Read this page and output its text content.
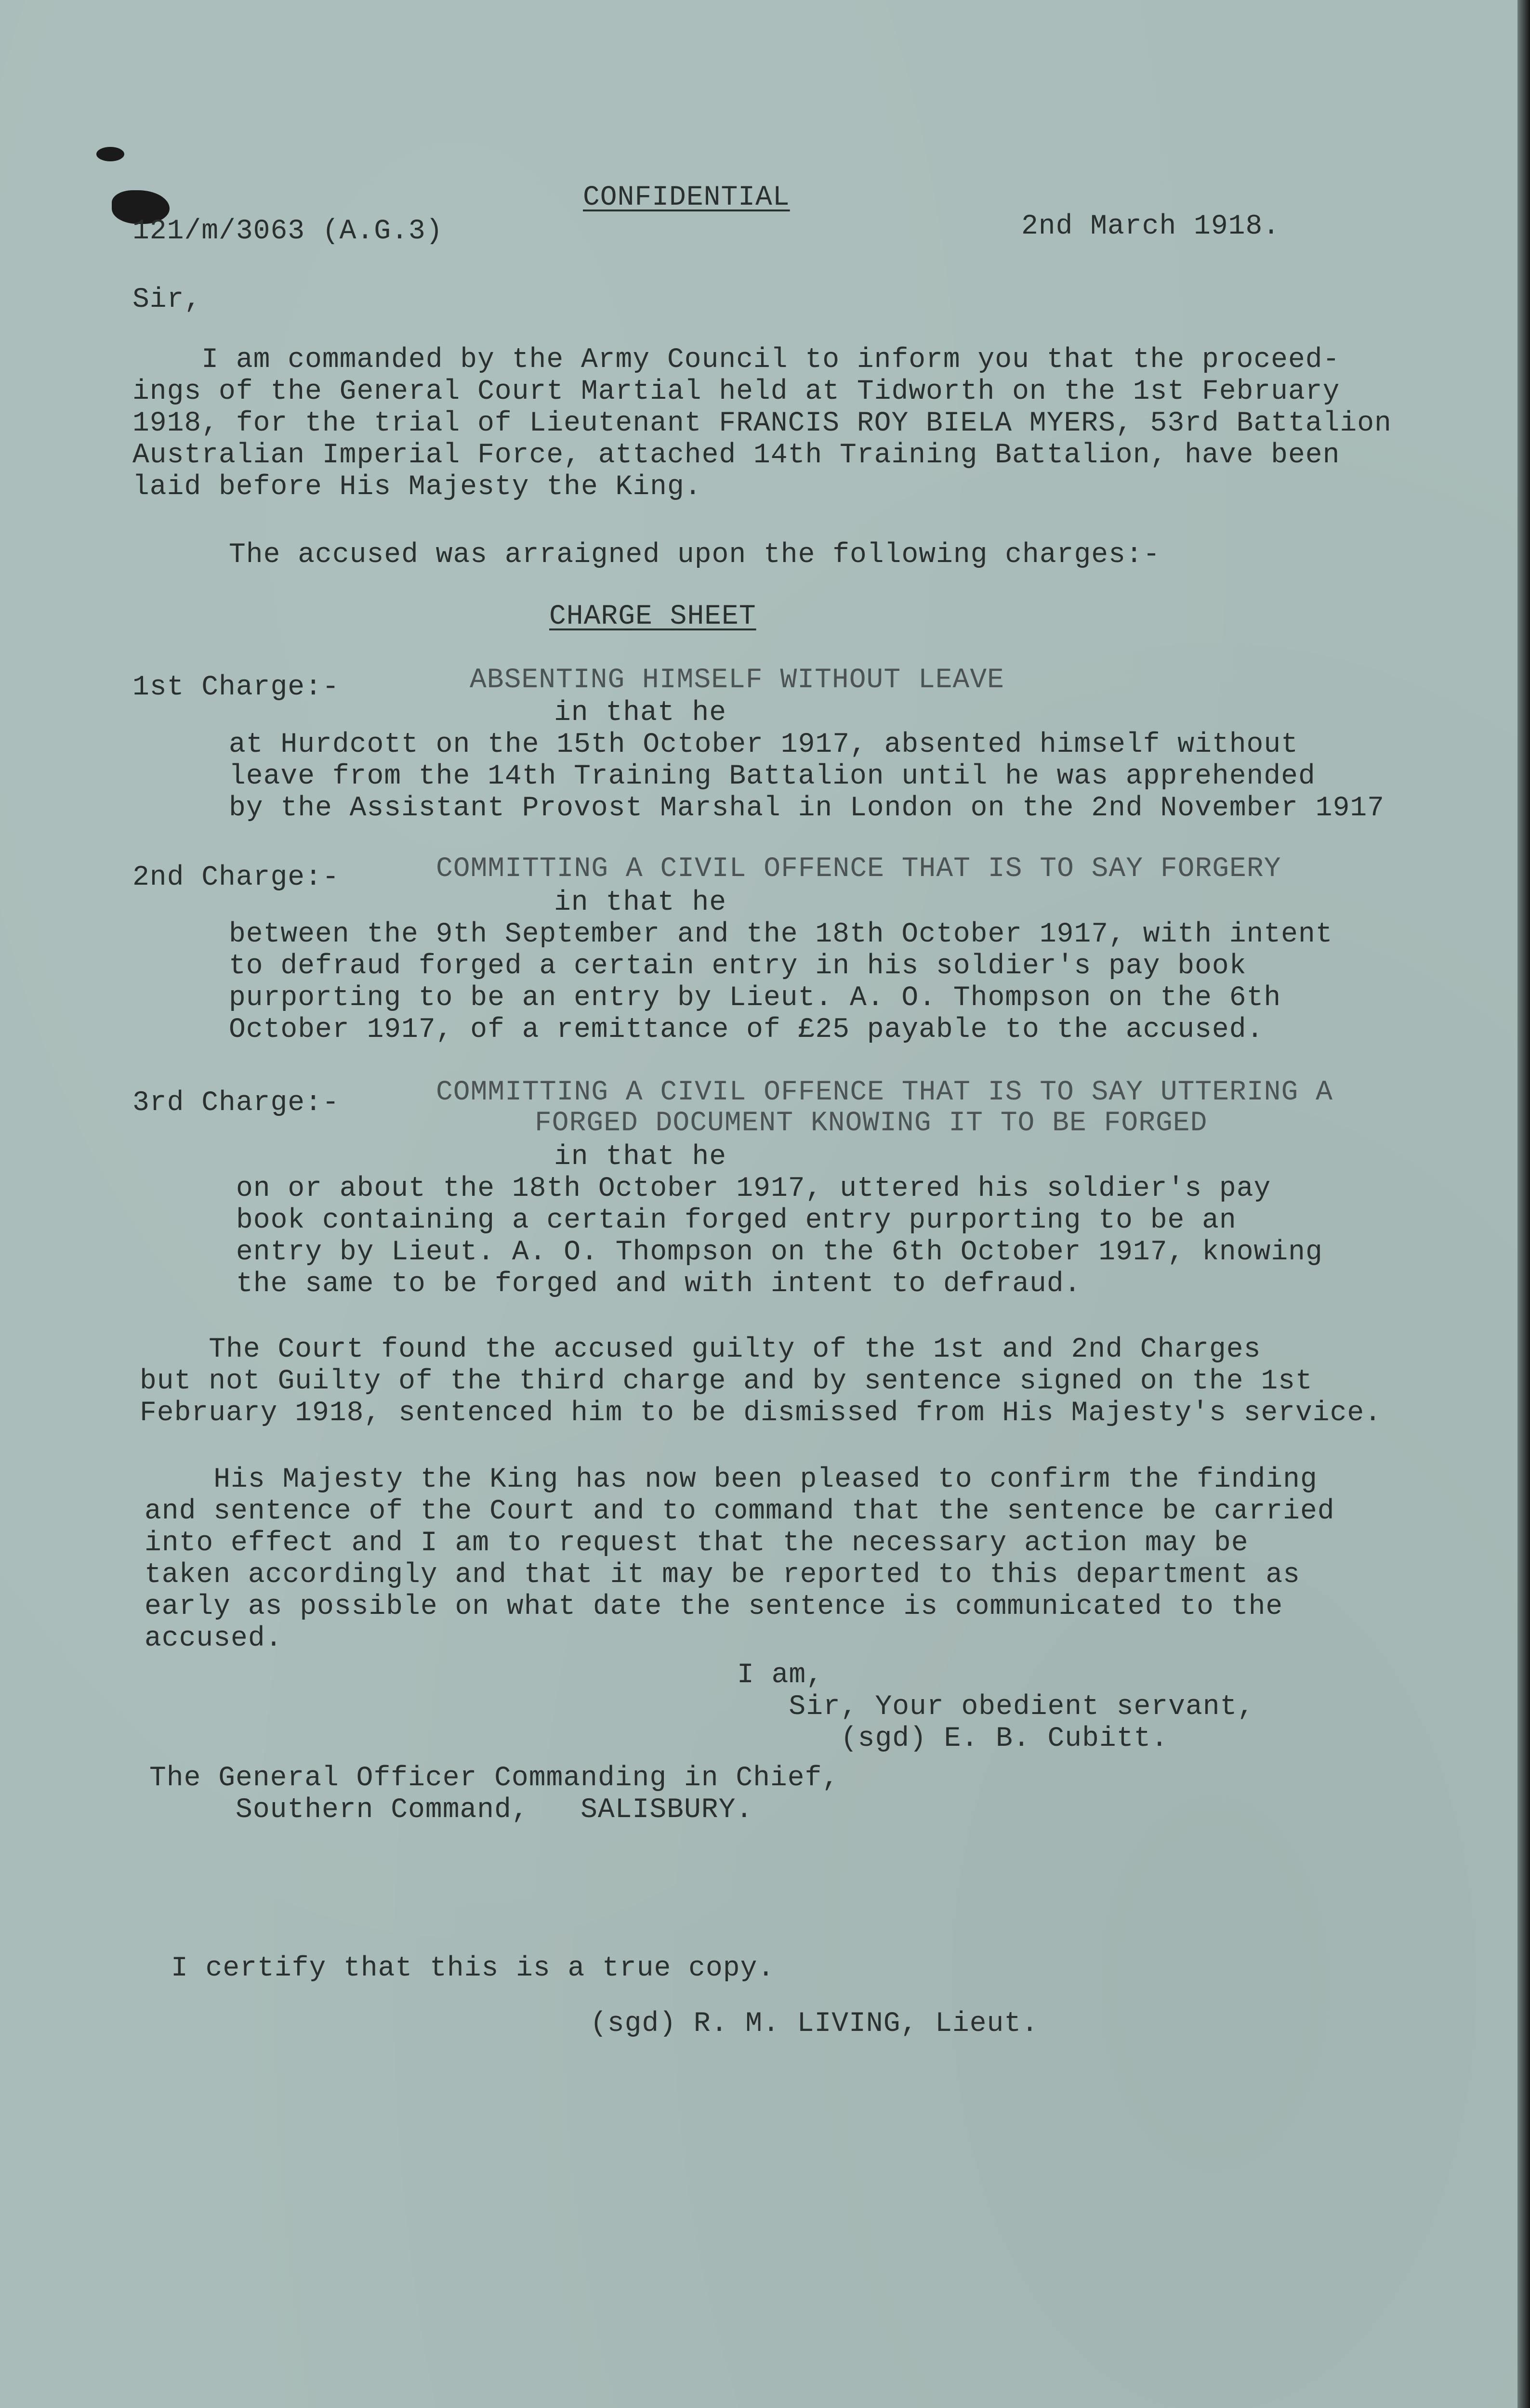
CONFIDENTIAL

121/m/3063 (A.G.3)	2nd March 1918.

Sir,

I am commanded by the Army Council to inform you that the proceed-

ings of the General Court Martial held at Tidworth on the 1st February

1918, for the trial of Lieutenant FRANCIS ROY BIELA MYERS, 53rd Battalion

Australian Imperial Force, attached 14th Training Battalion, have been

laid before His Majesty the King.

The accused was arraigned upon the following charges:-

CHARGE SHEET

1st Charge:-	ABSENTING HIMSELF WITHOUT LEAVE

in that he

at Hurdcott on the 15th October 1917, absented himself without

leave from the 14th Training Battalion until he was apprehended

by the Assistant Provost Marshal in London on the 2nd November 1917

2nd Charge:-	COMMITTING A CIVIL OFFENCE THAT IS TO SAY FORGERY

in that he

between the 9th September and the 18th October 1917, with intent

to defraud forged a certain entry in his soldier's pay book

purporting to be an entry by Lieut. A. O. Thompson on the 6th

October 1917, of a remittance of £25 payable to the accused.

3rd Charge:-	COMMITTING A CIVIL OFFENCE THAT IS TO SAY UTTERING A

FORGED DOCUMENT KNOWING IT TO BE FORGED

in that he

on or about the 18th October 1917, uttered his soldier's pay

book containing a certain forged entry purporting to be an

entry by Lieut. A. O. Thompson on the 6th October 1917, knowing

the same to be forged and with intent to defraud.

The Court found the accused guilty of the 1st and 2nd Charges

but not Guilty of the third charge and by sentence signed on the 1st

February 1918, sentenced him to be dismissed from His Majesty's service.

His Majesty the King has now been pleased to confirm the finding

and sentence of the Court and to command that the sentence be carried

into effect and I am to request that the necessary action may be

taken accordingly and that it may be reported to this department as

early as possible on what date the sentence is communicated to the

accused.

I am,

Sir, Your obedient servant,

(sgd) E. B. Cubitt.

The General Officer Commanding in Chief,

Southern Command,   SALISBURY.

I certify that this is a true copy.

(sgd) R. M. LIVING, Lieut.
